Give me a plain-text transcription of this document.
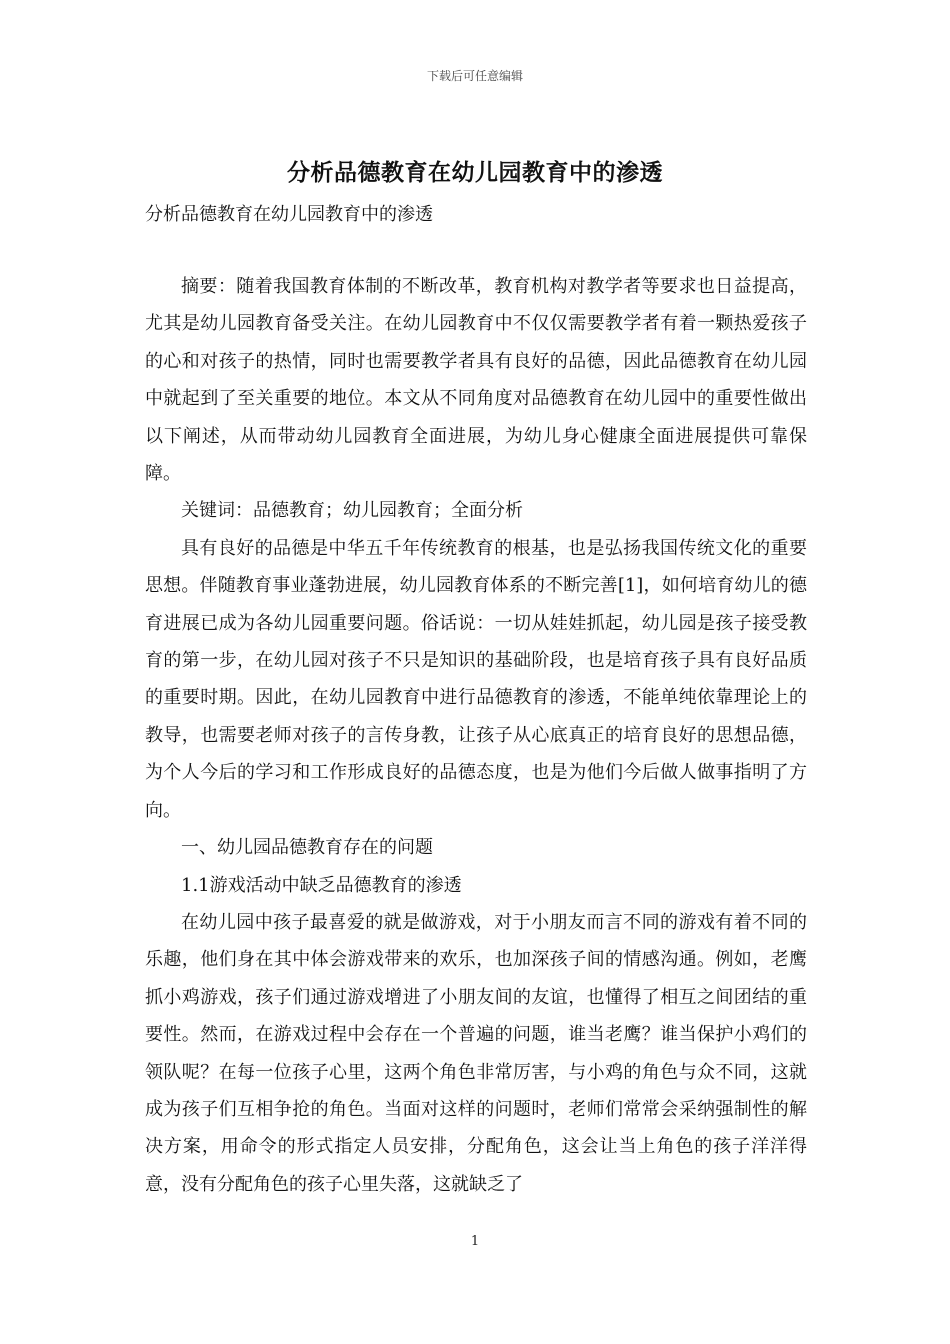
下载后可任意编辑
分析品德教育在幼儿园教育中的渗透
分析品德教育在幼儿园教育中的渗透

摘要：随着我国教育体制的不断改革，教育机构对教学者等要求也日益提高，尤其是幼儿园教育备受关注。在幼儿园教育中不仅仅需要教学者有着一颗热爱孩子的心和对孩子的热情，同时也需要教学者具有良好的品德，因此品德教育在幼儿园中就起到了至关重要的地位。本文从不同角度对品德教育在幼儿园中的重要性做出以下阐述，从而带动幼儿园教育全面进展，为幼儿身心健康全面进展提供可靠保障。

关键词：品德教育；幼儿园教育；全面分析

具有良好的品德是中华五千年传统教育的根基，也是弘扬我国传统文化的重要思想。伴随教育事业蓬勃进展，幼儿园教育体系的不断完善[1]，如何培育幼儿的德育进展已成为各幼儿园重要问题。俗话说：一切从娃娃抓起，幼儿园是孩子接受教育的第一步，在幼儿园对孩子不只是知识的基础阶段，也是培育孩子具有良好品质的重要时期。因此，在幼儿园教育中进行品德教育的渗透，不能单纯依靠理论上的教导，也需要老师对孩子的言传身教，让孩子从心底真正的培育良好的思想品德，为个人今后的学习和工作形成良好的品德态度，也是为他们今后做人做事指明了方向。

一、幼儿园品德教育存在的问题

1.1游戏活动中缺乏品德教育的渗透

在幼儿园中孩子最喜爱的就是做游戏，对于小朋友而言不同的游戏有着不同的乐趣，他们身在其中体会游戏带来的欢乐，也加深孩子间的情感沟通。例如，老鹰抓小鸡游戏，孩子们通过游戏增进了小朋友间的友谊，也懂得了相互之间团结的重要性。然而，在游戏过程中会存在一个普遍的问题，谁当老鹰？谁当保护小鸡们的领队呢？在每一位孩子心里，这两个角色非常厉害，与小鸡的角色与众不同，这就成为孩子们互相争抢的角色。当面对这样的问题时，老师们常常会采纳强制性的解决方案，用命令的形式指定人员安排，分配角色，这会让当上角色的孩子洋洋得意，没有分配角色的孩子心里失落，这就缺乏了

1
